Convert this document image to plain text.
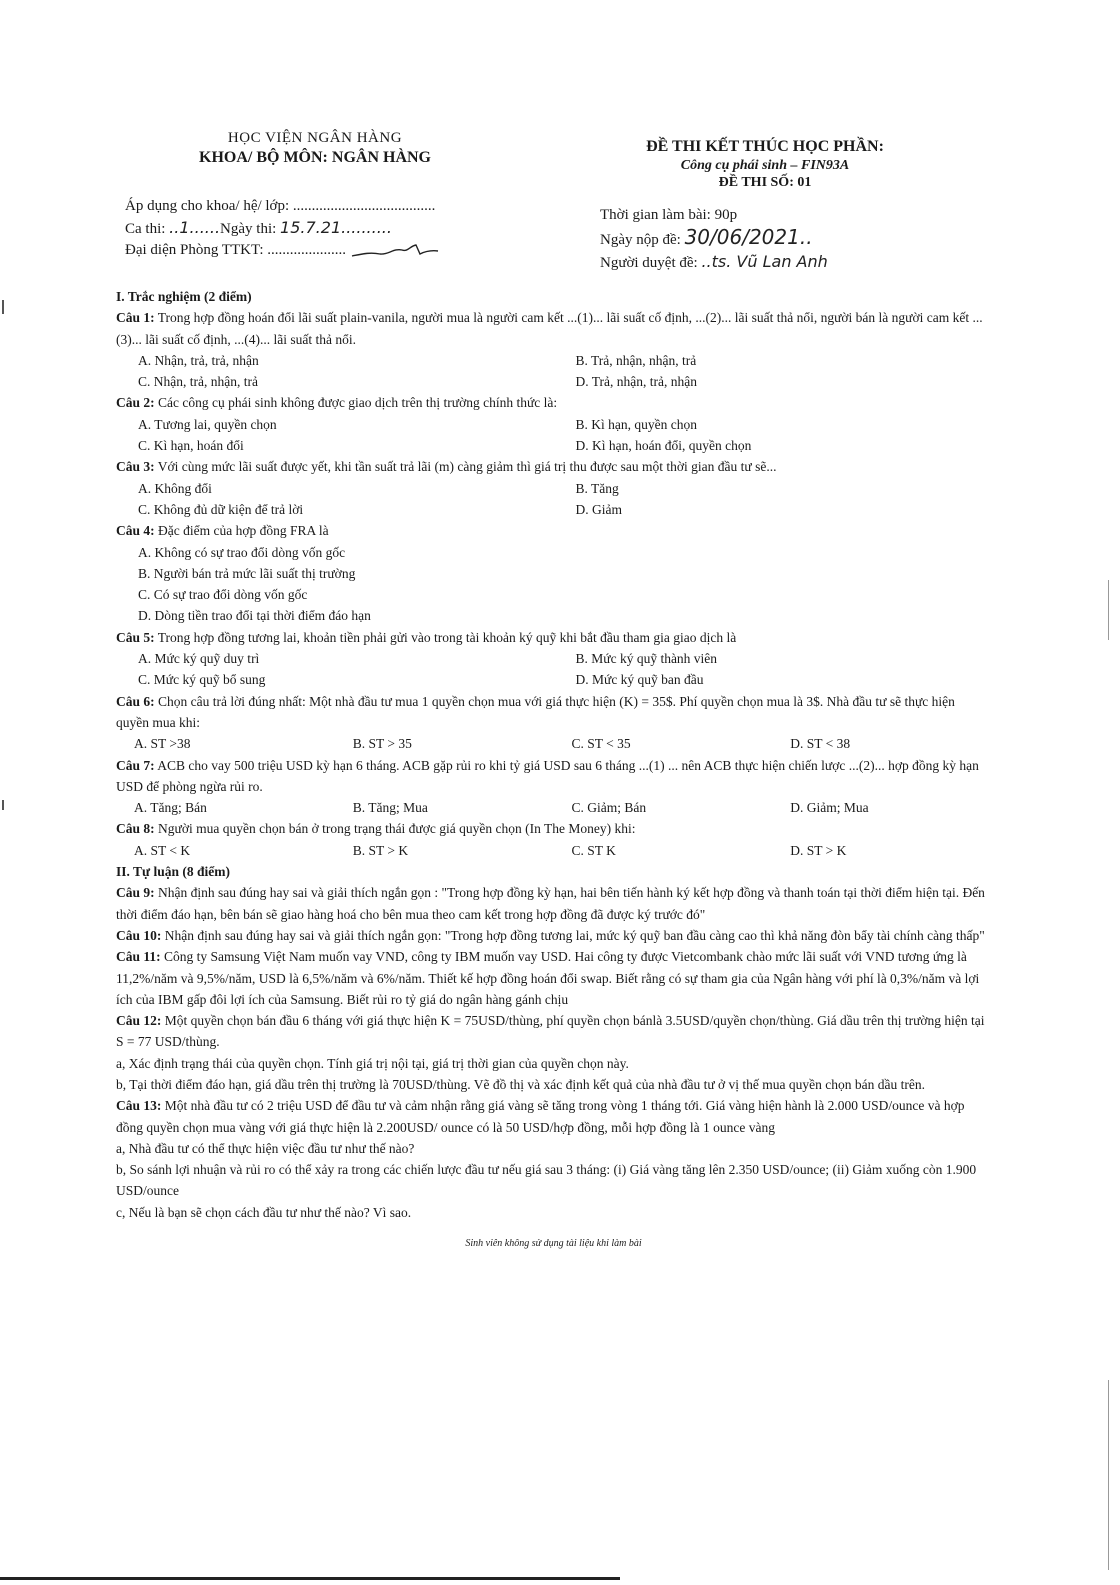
HỌC VIỆN NGÂN HÀNG
KHOA/ BỘ MÔN: NGÂN HÀNG
ĐỀ THI KẾT THÚC HỌC PHẦN:
Công cụ phái sinh – FIN93A
ĐỀ THI SỐ: 01
Áp dụng cho khoa/ hệ/ lớp: ......................................
Ca thi: ..1......Ngày thi: 15.7.21..........
Đại diện Phòng TTKT: .....................
Thời gian làm bài: 90p
Ngày nộp đề: 30/06/2021..
Người duyệt đề: ..ts. Vũ Lan Anh

I. Trắc nghiệm (2 điểm)

Câu 1: Trong hợp đồng hoán đổi lãi suất plain-vanila, người mua là người cam kết ...(1)... lãi suất cố định, ...(2)... lãi suất thả nổi, người bán là người cam kết ...(3)... lãi suất cố định, ...(4)... lãi suất thả nổi.

A. Nhận, trả, trả, nhận	B. Trả, nhận, nhận, trả
C. Nhận, trả, nhận, trả	D. Trả, nhận, trả, nhận

Câu 2: Các công cụ phái sinh không được giao dịch trên thị trường chính thức là:

A. Tương lai, quyền chọn	B. Kì hạn, quyền chọn
C. Kì hạn, hoán đổi	D. Kì hạn, hoán đổi, quyền chọn

Câu 3: Với cùng mức lãi suất được yết, khi tần suất trả lãi (m) càng giảm thì giá trị thu được sau một thời gian đầu tư sẽ...

A. Không đổi	B. Tăng
C. Không đủ dữ kiện để trả lời	D. Giảm

Câu 4: Đặc điểm của hợp đồng FRA là

A. Không có sự trao đổi dòng vốn gốc
B. Người bán trả mức lãi suất thị trường
C. Có sự trao đổi dòng vốn gốc
D. Dòng tiền trao đổi tại thời điểm đáo hạn

Câu 5: Trong hợp đồng tương lai, khoản tiền phải gửi vào trong tài khoản ký quỹ khi bắt đầu tham gia giao dịch là

A. Mức ký quỹ duy trì	B. Mức ký quỹ thành viên
C. Mức ký quỹ bổ sung	D. Mức ký quỹ ban đầu

Câu 6: Chọn câu trả lời đúng nhất: Một nhà đầu tư mua 1 quyền chọn mua với giá thực hiện (K) = 35$. Phí quyền chọn mua là 3$. Nhà đầu tư sẽ thực hiện quyền mua khi:

A. ST >38	B. ST > 35	C. ST < 35	D. ST < 38

Câu 7: ACB cho vay 500 triệu USD kỳ hạn 6 tháng. ACB gặp rủi ro khi tỷ giá USD sau 6 tháng ...(1) ... nên ACB thực hiện chiến lược ...(2)... hợp đồng kỳ hạn USD để phòng ngừa rủi ro.

A. Tăng; Bán	B. Tăng; Mua	C. Giảm; Bán	D. Giảm; Mua

Câu 8: Người mua quyền chọn bán ở trong trạng thái được giá quyền chọn (In The Money) khi:

A. ST < K	B. ST > K	C. ST K	D. ST > K

II. Tự luận (8 điểm)

Câu 9: Nhận định sau đúng hay sai và giải thích ngắn gọn : "Trong hợp đồng kỳ hạn, hai bên tiến hành ký kết hợp đồng và thanh toán tại thời điểm hiện tại. Đến thời điểm đáo hạn, bên bán sẽ giao hàng hoá cho bên mua theo cam kết trong hợp đồng đã được ký trước đó"

Câu 10: Nhận định sau đúng hay sai và giải thích ngắn gọn: "Trong hợp đồng tương lai, mức ký quỹ ban đầu càng cao thì khả năng đòn bẩy tài chính càng thấp"

Câu 11: Công ty Samsung Việt Nam muốn vay VND, công ty IBM muốn vay USD. Hai công ty được Vietcombank chào mức lãi suất với VND tương ứng là 11,2%/năm và 9,5%/năm, USD là 6,5%/năm và 6%/năm. Thiết kế hợp đồng hoán đổi swap. Biết rằng có sự tham gia của Ngân hàng với phí là 0,3%/năm và lợi ích của IBM gấp đôi lợi ích của Samsung. Biết rủi ro tỷ giá do ngân hàng gánh chịu

Câu 12: Một quyền chọn bán đầu 6 tháng với giá thực hiện K = 75USD/thùng, phí quyền chọn bánlà 3.5USD/quyền chọn/thùng. Giá dầu trên thị trường hiện tại S = 77 USD/thùng.

a, Xác định trạng thái của quyền chọn. Tính giá trị nội tại, giá trị thời gian của quyền chọn này.

b, Tại thời điểm đáo hạn, giá dầu trên thị trường là 70USD/thùng. Vẽ đồ thị và xác định kết quả của nhà đầu tư ở vị thế mua quyền chọn bán dầu trên.

Câu 13: Một nhà đầu tư có 2 triệu USD để đầu tư và cảm nhận rằng giá vàng sẽ tăng trong vòng 1 tháng tới. Giá vàng hiện hành là 2.000 USD/ounce và hợp đồng quyền chọn mua vàng với giá thực hiện là 2.200USD/ ounce có là 50 USD/hợp đồng, mỗi hợp đồng là 1 ounce vàng

a, Nhà đầu tư có thể thực hiện việc đầu tư như thế nào?

b, So sánh lợi nhuận và rủi ro có thể xảy ra trong các chiến lược đầu tư nếu giá sau 3 tháng: (i) Giá vàng tăng lên 2.350 USD/ounce; (ii) Giảm xuống còn 1.900 USD/ounce

c, Nếu là bạn sẽ chọn cách đầu tư như thế nào? Vì sao.

Sinh viên không sử dụng tài liệu khi làm bài
